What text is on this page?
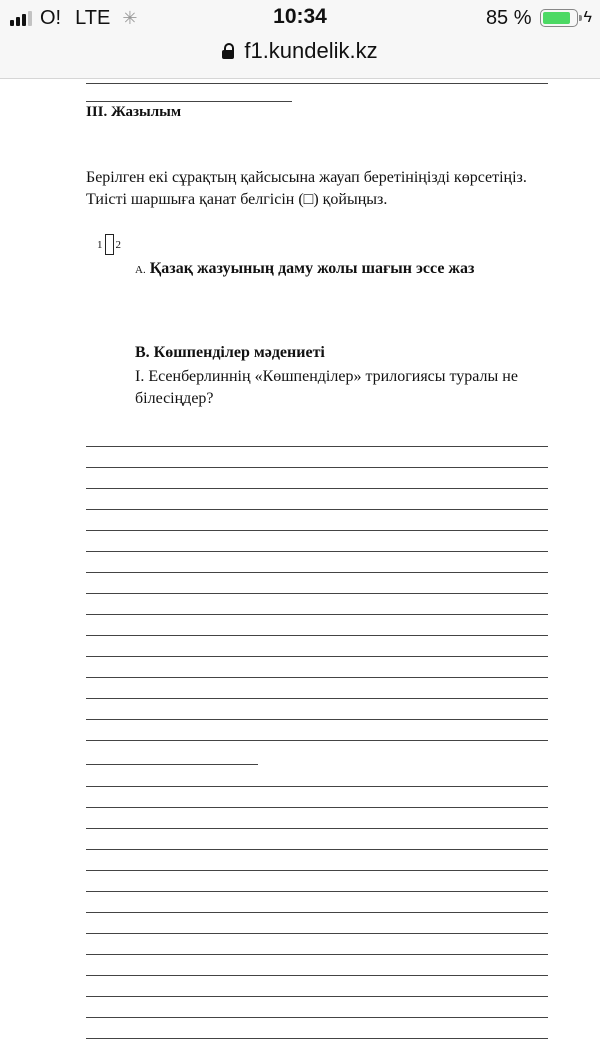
O! LTE ✳	10:34	85 %	ϟ
f1.kundelik.kz
III. Жазылым
Берілген екі сұрақтың қайсысына жауап беретініңізді көрсетіңіз. Тиісті шаршыға қанат белгісін (□) қойыңыз.
1 2
A. Қазақ жазуының даму жолы шағын эссе жаз
B. Көшпенділер мәдениеті
I. Есенберлиннің «Көшпенділер» трилогиясы туралы не білесіңдер?
